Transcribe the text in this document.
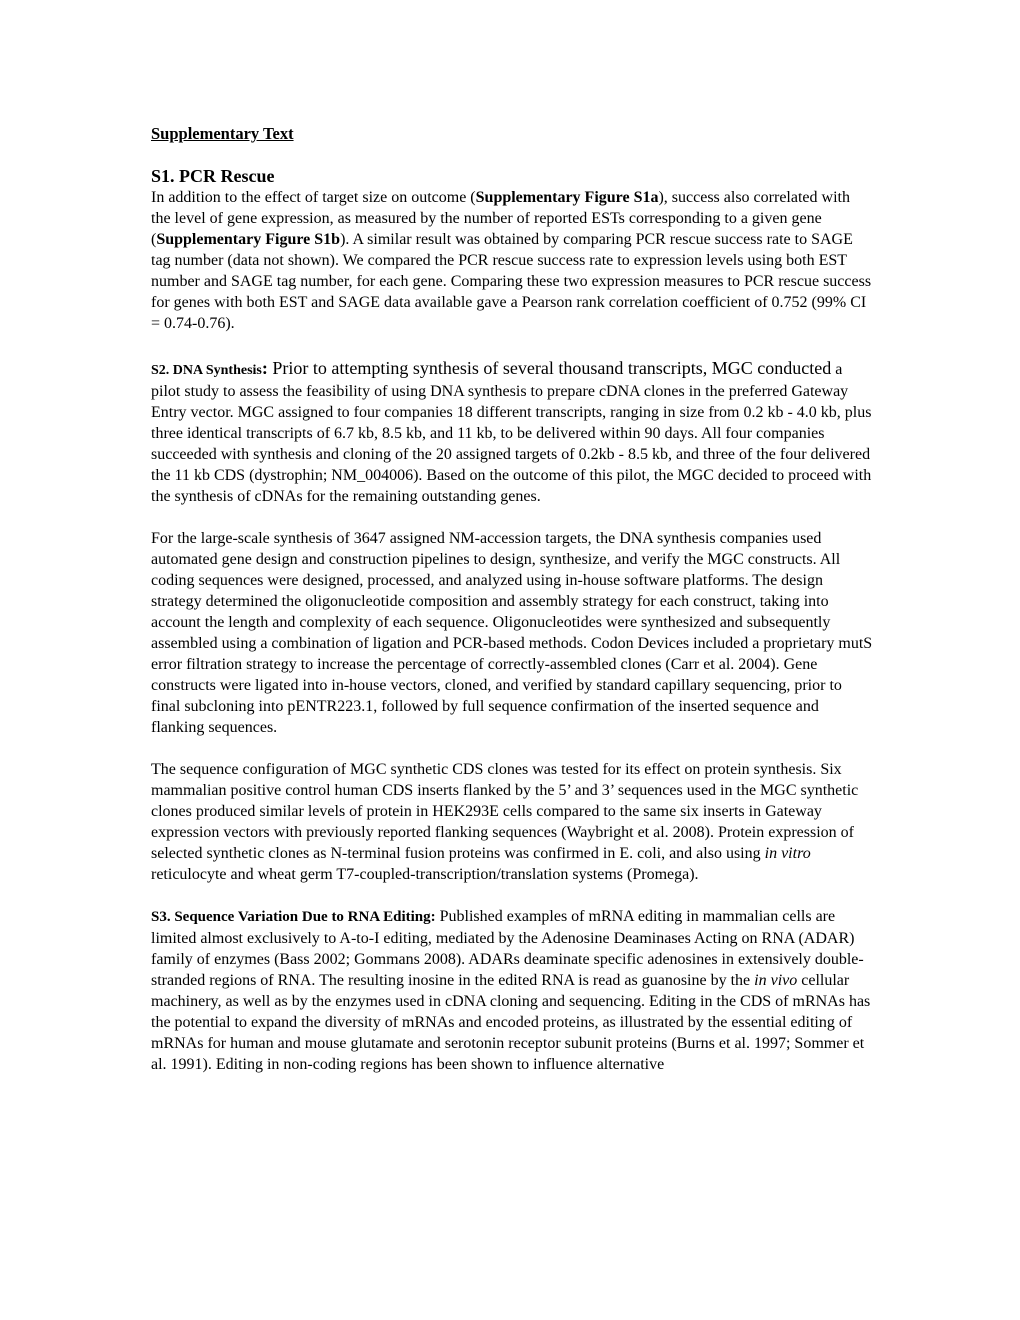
Supplementary Text
S1. PCR Rescue

In addition to the effect of target size on outcome (Supplementary Figure S1a), success also correlated with the level of gene expression, as measured by the number of reported ESTs corresponding to a given gene (Supplementary Figure S1b). A similar result was obtained by comparing PCR rescue success rate to SAGE tag number (data not shown). We compared the PCR rescue success rate to expression levels using both EST number and SAGE tag number, for each gene. Comparing these two expression measures to PCR rescue success for genes with both EST and SAGE data available gave a Pearson rank correlation coefficient of 0.752 (99% CI = 0.74-0.76).

S2. DNA Synthesis: Prior to attempting synthesis of several thousand transcripts, MGC conducted a pilot study to assess the feasibility of using DNA synthesis to prepare cDNA clones in the preferred Gateway Entry vector. MGC assigned to four companies 18 different transcripts, ranging in size from 0.2 kb - 4.0 kb, plus three identical transcripts of 6.7 kb, 8.5 kb, and 11 kb, to be delivered within 90 days. All four companies succeeded with synthesis and cloning of the 20 assigned targets of 0.2kb - 8.5 kb, and three of the four delivered the 11 kb CDS (dystrophin; NM_004006). Based on the outcome of this pilot, the MGC decided to proceed with the synthesis of cDNAs for the remaining outstanding genes.

For the large-scale synthesis of 3647 assigned NM-accession targets, the DNA synthesis companies used automated gene design and construction pipelines to design, synthesize, and verify the MGC constructs. All coding sequences were designed, processed, and analyzed using in-house software platforms. The design strategy determined the oligonucleotide composition and assembly strategy for each construct, taking into account the length and complexity of each sequence. Oligonucleotides were synthesized and subsequently assembled using a combination of ligation and PCR-based methods. Codon Devices included a proprietary mutS error filtration strategy to increase the percentage of correctly-assembled clones (Carr et al. 2004). Gene constructs were ligated into in-house vectors, cloned, and verified by standard capillary sequencing, prior to final subcloning into pENTR223.1, followed by full sequence confirmation of the inserted sequence and flanking sequences.

The sequence configuration of MGC synthetic CDS clones was tested for its effect on protein synthesis. Six mammalian positive control human CDS inserts flanked by the 5’ and 3’ sequences used in the MGC synthetic clones produced similar levels of protein in HEK293E cells compared to the same six inserts in Gateway expression vectors with previously reported flanking sequences (Waybright et al. 2008). Protein expression of selected synthetic clones as N-terminal fusion proteins was confirmed in E. coli, and also using in vitro reticulocyte and wheat germ T7-coupled-transcription/translation systems (Promega).

S3. Sequence Variation Due to RNA Editing: Published examples of mRNA editing in mammalian cells are limited almost exclusively to A-to-I editing, mediated by the Adenosine Deaminases Acting on RNA (ADAR) family of enzymes (Bass 2002; Gommans 2008). ADARs deaminate specific adenosines in extensively double-stranded regions of RNA. The resulting inosine in the edited RNA is read as guanosine by the in vivo cellular machinery, as well as by the enzymes used in cDNA cloning and sequencing. Editing in the CDS of mRNAs has the potential to expand the diversity of mRNAs and encoded proteins, as illustrated by the essential editing of mRNAs for human and mouse glutamate and serotonin receptor subunit proteins (Burns et al. 1997; Sommer et al. 1991). Editing in non-coding regions has been shown to influence alternative
